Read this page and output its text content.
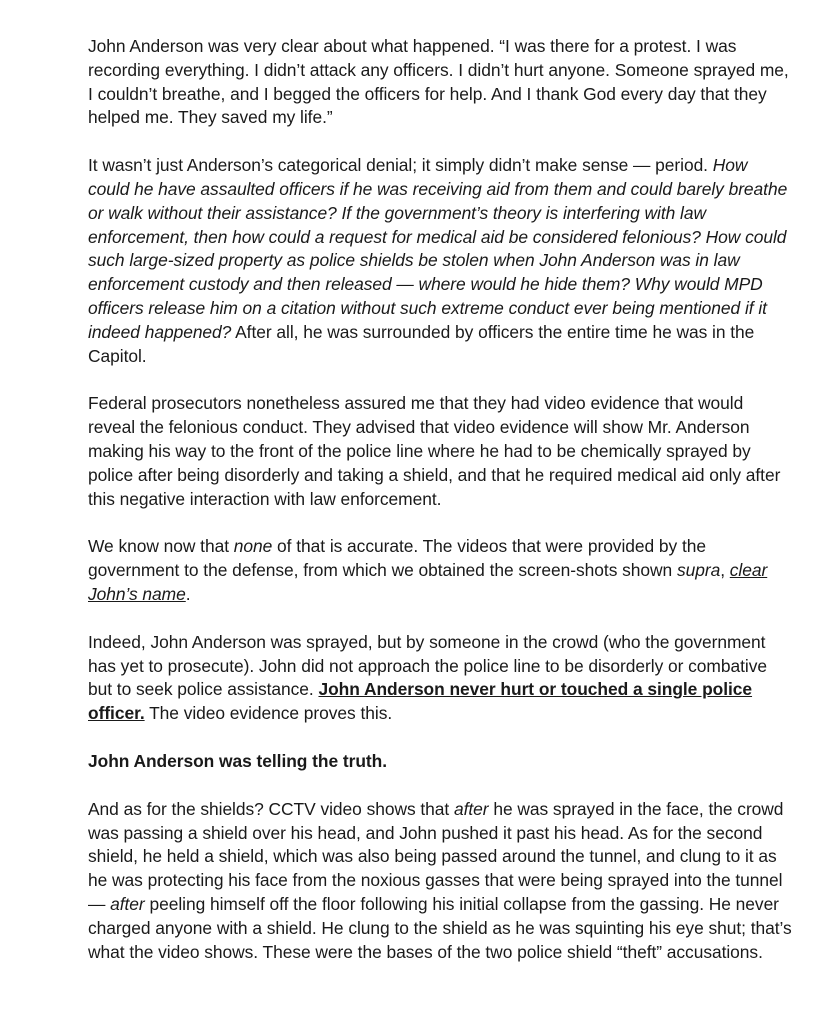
John Anderson was very clear about what happened. “I was there for a protest. I was recording everything. I didn’t attack any officers. I didn’t hurt anyone. Someone sprayed me, I couldn’t breathe, and I begged the officers for help. And I thank God every day that they helped me. They saved my life.”

It wasn’t just Anderson’s categorical denial; it simply didn’t make sense — period. How could he have assaulted officers if he was receiving aid from them and could barely breathe or walk without their assistance? If the government’s theory is interfering with law enforcement, then how could a request for medical aid be considered felonious? How could such large-sized property as police shields be stolen when John Anderson was in law enforcement custody and then released — where would he hide them? Why would MPD officers release him on a citation without such extreme conduct ever being mentioned if it indeed happened? After all, he was surrounded by officers the entire time he was in the Capitol.

Federal prosecutors nonetheless assured me that they had video evidence that would reveal the felonious conduct. They advised that video evidence will show Mr. Anderson making his way to the front of the police line where he had to be chemically sprayed by police after being disorderly and taking a shield, and that he required medical aid only after this negative interaction with law enforcement.

We know now that none of that is accurate. The videos that were provided by the government to the defense, from which we obtained the screen-shots shown supra, clear John’s name.

Indeed, John Anderson was sprayed, but by someone in the crowd (who the government has yet to prosecute). John did not approach the police line to be disorderly or combative but to seek police assistance. John Anderson never hurt or touched a single police officer. The video evidence proves this.

John Anderson was telling the truth.

And as for the shields? CCTV video shows that after he was sprayed in the face, the crowd was passing a shield over his head, and John pushed it past his head. As for the second shield, he held a shield, which was also being passed around the tunnel, and clung to it as he was protecting his face from the noxious gasses that were being sprayed into the tunnel — after peeling himself off the floor following his initial collapse from the gassing. He never charged anyone with a shield. He clung to the shield as he was squinting his eye shut; that’s what the video shows. These were the bases of the two police shield “theft” accusations.
